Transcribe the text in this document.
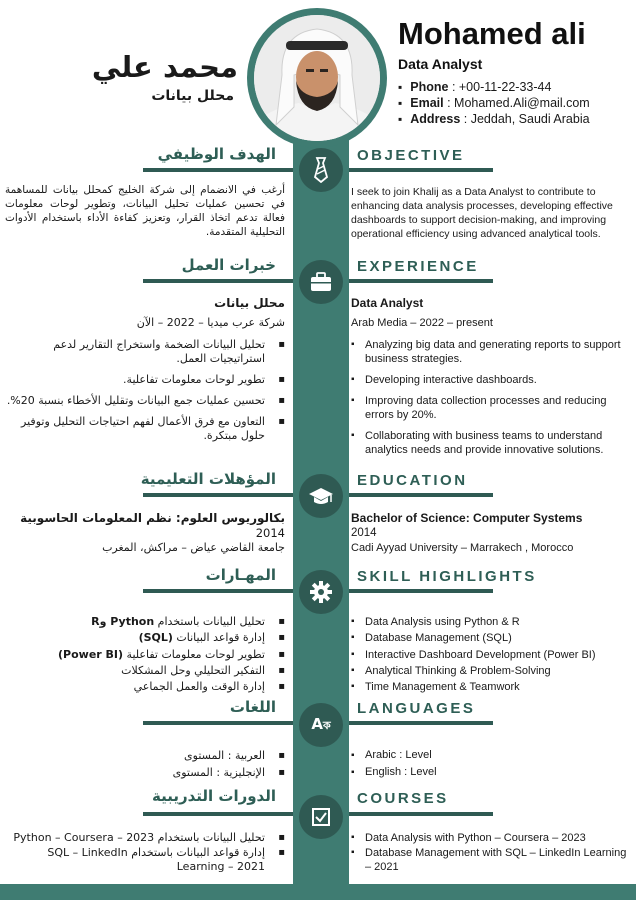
Mohamed ali
Data Analyst
محمد علي
محلل بيانات
▪ Phone : +00-11-22-33-44
▪ Email : Mohamed.Ali@mail.com
▪ Address : Jeddah, Saudi Arabia
الهدف الوظيفي	OBJECTIVE
أرغب في الانضمام إلى شركة الخليج كمحلل بيانات للمساهمة في تحسين عمليات تحليل البيانات، وتطوير لوحات معلومات فعالة تدعم اتخاذ القرار، وتعزيز كفاءة الأداء باستخدام الأدوات التحليلية المتقدمة.
I seek to join Khalij as a Data Analyst to contribute to enhancing data analysis processes, developing effective dashboards to support decision-making, and improving operational efficiency using advanced analytical tools.
خبرات العمل	EXPERIENCE
محلل بيانات	Data Analyst
شركة عرب ميديا – 2022 – الآن	Arab Media – 2022 – present
▪ تحليل البيانات الضخمة واستخراج التقارير لدعم استراتيجيات العمل.
▪ تطوير لوحات معلومات تفاعلية.
▪ تحسين عمليات جمع البيانات وتقليل الأخطاء بنسبة 20%.
▪ التعاون مع فرق الأعمال لفهم احتياجات التحليل وتوفير حلول مبتكرة.
▪ Analyzing big data and generating reports to support business strategies.
▪ Developing interactive dashboards.
▪ Improving data collection processes and reducing errors by 20%.
▪ Collaborating with business teams to understand analytics needs and provide innovative solutions.
المؤهلات التعليمية	EDUCATION
بكالوريوس العلوم: نظم المعلومات الحاسوبية	Bachelor of Science: Computer Systems
2014	2014
جامعة القاضي عياض – مراكش، المغرب	Cadi Ayyad University – Marrakech , Morocco
المهـارات	SKILL HIGHLIGHTS
▪ تحليل البيانات باستخدام Python وR
▪ إدارة قواعد البيانات (SQL)
▪ تطوير لوحات معلومات تفاعلية (Power BI)
▪ التفكير التحليلي وحل المشكلات
▪ إدارة الوقت والعمل الجماعي
▪ Data Analysis using Python & R
▪ Database Management (SQL)
▪ Interactive Dashboard Development (Power BI)
▪ Analytical Thinking & Problem-Solving
▪ Time Management & Teamwork
اللغات	LANGUAGES
Aক
▪ العربية : المستوى
▪ الإنجليزية : المستوى
▪ Arabic : Level
▪ English : Level
الدورات التدريبية	COURSES
▪ تحليل البيانات باستخدام Python – Coursera – 2023
▪ إدارة قواعد البيانات باستخدام SQL – LinkedIn Learning – 2021
▪ Data Analysis with Python – Coursera – 2023
▪ Database Management with SQL – LinkedIn Learning – 2021
